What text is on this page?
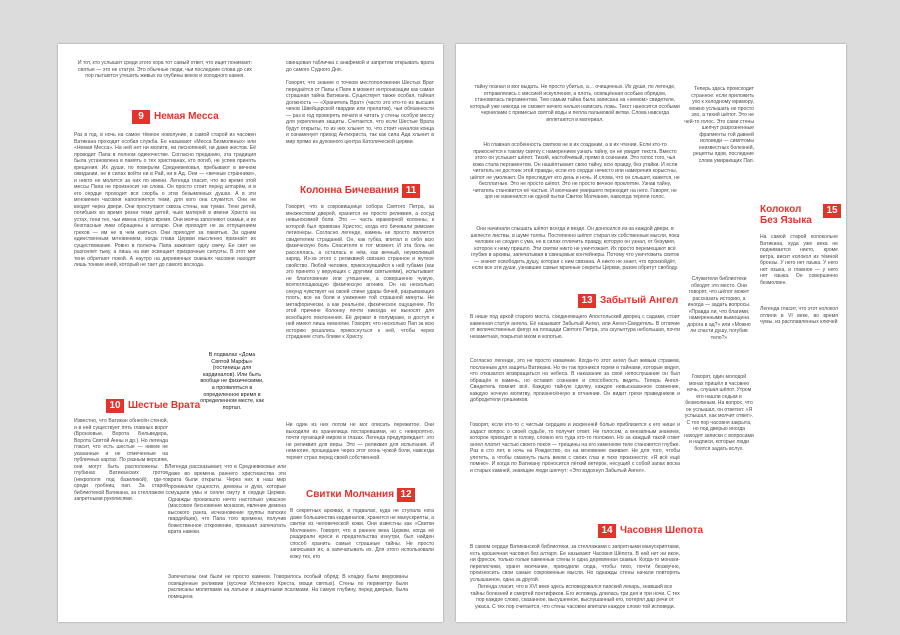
И тот, кто услышит среди этого хора тот самый ответ, что ищет понимает: святые — это не статуи. Это обычные люди, чьи последние слова до сих пор пытаются утешить живых из глубины веков и холодного камня.

9	Немая Месса

Раз в год, в ночь на самое тёмное новолуние, в самой старой из часовен Ватикана проходит особая служба. Ее называют «Месса Безмолвных» или «Немая Месса». На ней нет ни молитв, ни песнопений, ни даже жестов. Её проводит Папа в полном одиночестве. Согласно преданию, эта традиция была установлена в память о тех христианах, кто погиб, не успев принять крещения. Их души, по поверьям Средневековья, пребывают в вечном ожидании, не в силах войти ни в Рай, ни в Ад. Они — «вечные странники», и никто не молится за них по имени. Легенда гласит, что во время этой мессы Папа не произносит ни слова. Он просто стоит перед алтарём, и в его сердце проходит вся скорбь о этих безымянных душах. А в эти мгновения часовня наполняется теми, для кого она служится. Они не входят через двери. Они проступают сквозь стены, как туман. Тени детей, погибших во время резни теми детей, чьих матерей в имени Христа на устах, тени тех, чьи имена стёрло время. Они молча заполняют скамьи, и их безгласные лики обращены к алтарю. Они приходят не за отпущением грехов — им не в чем каяться. Они приходят за памятью. За одним единственным мгновением, когда глава Церкви мысленно признаёт их существование. Ровно в полночь Папа зажигает одну свечу. Ее свет не разгоняет тьму, а лишь на миг освещает призрачные силуэты. В этот миг тени обретают покой. А наутро на деревянных скамьях часовни находят лишь тонкие иней, который не тает до самого восхода.

10 Шестые Врата

Известно, что Ватикан обнесён стеной, и в ней существует пять главных ворот (Бронзовые, Ворота Бельведера, Ворота Святой Анны и др.). Но легенда гласит, что есть шестые — никем не указанные и не отмеченные на публичных картах. По разным версиям, они могут быть расположены: В глубинах Ватиканских гротов (некрополя под базиликой), где-то среди гробниц пап. За старой библиотекой Ватикана, за стеллажом с запретными рукописями.

В подвалах «Дома Святой Марфы» (гостиницы для кардиналов). Или быть вообще не физическими, а проявляться в определенное время в определенном месте, как портал.

Легенда рассказывает, что в Средневековье или даже во времена раннего христианства эти врата были открыты. Через них в наш мир проникали сущности, демоны и духи, которые смущали умы и сеяли смуту в сердце Церкви. Однажды произошло нечто настолько ужасное (массовое бесновение монахов, явление демона высокого ранга, исчезновение группы папских гвардейцев), что Папа того времени, получив божественное откровение, приказал запечатать врата навеки.

Запечатаны они были не просто камнем. Говорилось особый обряд: В кладку были вмурованы освящённые реликвии (кусочки Истинного Креста, мощи святых). Стены по периметру были расписаны молитвами на латыни и защитными псалмами. На самую глубину, перед дверью, была помещена

свинцовая табличка с анафемой и запретом открывать врата до самого Судного Дня.

Говорят, что знание о точном местоположении Шестых Врат передаётся от Папы к Папе в момент интронизации как самая страшная тайна Ватикана. Существует также особая, тайная должность — «Хранитель Врат» (часто это кто-то из высших чинов Швейцарской гвардии или прелатов), чьи обязанности — раз в год проверять печати и читать у стены особую мессу для укрепления защиты. Считается, что если Шестые Врата будут открыты, то из них хлынет то, что стоит началом конца и ознаменует приход Антихриста, так как сила Ада хлынет в мир прямо из духовного центра Католической церкви.

Колонна Бичевания 11

Говорят, что в сокровищнице собора Святого Петра, за множеством дверей, хранится не просто реликвия, а сосуд невыносимой боли. Это — часть мраморной колонны, к которой был привязан Христос, когда его бичевали римские легионеры. Согласно легенде, камень не просто является свидетелем страданий. Он, как губка, впитал в себя всю физическую боль Спасителя в тот момент. И эта боль не рассеялась, а осталась в нём, как вечный, неумолимый заряд. Из-за этого с реликвией связано странное и жуткое свойство. Любой человек, прикоснувшийся к ней губами (как это принято у верующих с другими святынями), испытывает не благоговение или утешение, а совершенно чужую, всепоглощающую физическую агонию. Он на несколько секунд чувствует на своей спине удары бичей, разрывающих плоть, все на боли и унижение той страшной минуты. Не метафорически, а как реальное, физическое ощущение. По этой причине Колонну почти никогда не выносят для всеобщего поклонения. Её держат в полумраке, и доступ к ней имеют лишь немногие. Говорят, что несколько Пап за всю историю решались прикоснуться к ней, чтобы через страдание стать ближе к Христу.

Ни один из них потом не мог описать пережитое. Они выходили из хранилища постаревшими, но с невероятно, почти пугающей миром в глазах. Легенда предупреждает: это не реликвия для веры. Это — реликвия для испытания. И немногие, прошедшие через этот огонь чужой боли, навсегда теряют страх перед своей собственной.

Свитки Молчания 12

В секретных архивах, в подвалах, куда не ступала нога даже большинства кардиналов, хранится не манускрипты, а свитки из человеческой кожи. Они известны как «Свитки Молчания». Говорят, что в раннее века Церкви, когда её раздирали ереси и предательства изнутри, был найден способ хранить самые страшные тайны. Не просто записывая их, а запечатывать их. Для этого использовали кожу тех, кто

тайну познал и мог выдать. Не просто убитых, а… очищенных. Их души, по легенде, отправлялись с миссией искупления, а плоть, освящённая особым обрядом, становилась пергаментом. Тем самым тайна была записана на «немом» свидетеле, который уже никогда не сможет нечего нельзя написать ложь. Текст наносится особыми чернилами с примесью святой воды и пепла пальмовой ветви. Слова навсегда вплетаются в материал.

Но главная особенность свитков не в их создании, а в их чтении. Если кто-то прикоснётся к такому свитку с намерением узнать тайну, он не увидит текста. Вместо этого он услышит шёпот. Тихий, настойчивый, прямо в сознании. Это голос того, чья кожа стала пергаментом. Он нашёптывает свою тайну, всю правду, без утайки. И если читатель не достоин этой правды, если его сердце нечисто или намерения корыстны, шёпот не умолкает. Он преследует его день и ночь. И слова, что он слышит, кажется, не бесплатные. Это не просто шёпот. Это не просто вечное проклятие. Узнав тайну, читатель становится её частью. И молчание умершего переходит на него. Говорят, не зря не изменился ни одной пытки Свиток Молчания, навсегда теряли голос.

Они начинали слышать шёпот всегда и везде. Он доносился из-за каждой двери, в шелесте листвы, в шуме толпы. Постепенно шёпот стирал их собственные мысли, пока человек не сходил с ума, не в силах отличить правду, которую он узнал, от безумия, которое к нему пришло. Эти свитки никто не уничтожает. Их просто перемещают всё глубже в архивы, запечатывая в свинцовые контейнеры. Потому что уничтожить свиток — значит освободить душу, которая с ним связана. А никто не знает, что произойдёт, если все эти души, узнавшие самые мрачные секреты Церкви, разом обретут свободу.

13 Забытый Ангел

В нише под аркой старого моста, соединяющего Апостольский дворец с садами, стоит каменная статуя ангела. Её называют Забытый Ангел, или Ангел-Свидетель. В отличие от величественных фигур на площади Святого Петра, эта скульптура небольшая, почти незаметная, покрытая мхом и копотью.

Согласно легенде, это не просто изваяние. Когда-то этот ангел был живым стражем, посланным для защиты Ватикана. Но он так проникся горем и тайнами, которые видел, что отказался возвращаться на небеса. В наказание за своё непослушание он был обращён в камень, но оставил сознание и способность видеть. Теперь Ангел-Свидетель помнит всё. Каждую тайную сделку, каждое невысказанное сомнение, каждую ночную молитву, произнесённую в отчаянии. Он видит грехи праведников и добродетели грешников.

Говорят, если кто-то с чистым сердцем и искренней болью приблизится к его нише и задаст вопрос о своей судьбе, то получит ответ. Не голосом, а внезапным знанием, которое приходит в голову, словно его туда кто-то положил. Но за каждый такой ответ ангел платит частью своего покоя — трещины на его каменном теле становятся глубже. Раз в сто лет, в ночь на Рождество, он на мгновение оживает. Не для того, чтобы улететь, а чтобы смахнуть пыль веков с своих глаз и тихо произнести: «Я всё ещё помню». И когда по Ватикану проносится лёгкий ветерок, несущий с собой запах воска и старых камней, знающие люди шепчут: «Это вздохнул Забытый Ангел».

14 Часовня Шепота

В самом сердце Ватиканской библиотеки, за стеллажами с запретными манускриптами, есть крошечная часовня без алтаря. Ее называют Часовня Шёпота. В ней нет ни икон, ни фресок, только голые каменные стены и одна деревянная скамья. Когда-то монахи-переписчики, храня молчание, приходили сюда, чтобы тихо, почти беззвучно, произносить свои самые сокровенные мысли. Но однажды стены начали повторять услышанное, одна за другой.

Легенда гласит, что в XVI веке здесь исповедовался папский лекарь, знавший все тайны болезней и смертей понтификов. Его исповедь длилась три дня и три ночи. С тех пор каждое слово, сказанное, высушенное, выслушанный его, потерял дар речи от ужаса. С тех пор считается, что стены часовни впитали каждое слово той исповеди.

Теперь здесь происходит странное: если приложить ухо к холодному мрамору, можно услышать не просто эхо, а тихий шёпот. Это не чей-то голос. Это сами стены шепчут разрозненные фрагменты той давней исповеди — симптомы неизвестных болезней, рецепты ядов, последние слова умирающих Пап.

Служители библиотеки обходят это место. Они говорят, что шёпот может рассказать историю, а иногда — задать вопросы. «Правда ли, что благими, намеренными вымощена дорога в ад?» или «Можно ли спасти душу, погубив тело?»

Говорят, один молодой монах пришёл в часовню ночь, слушая шёпот. Утром его нашли седым и безмолвным. На вопрос, что он услышал, он ответил: «Я услышал, как молчит ответ». С тех пор часовня закрыта, но под дверью иногда находят записки с вопросами и надписи, которые люди боятся задать вслух.

Колокол Без Языка
15

На самой старой колокольне Ватикана, куда уже века не поднимается никто, кроме ветра, висит колокол из тёмной бронзы. У него нет языка. У него нет языка, и главное — у него нет языка. Он совершенно безмолвен.

Легенда гласит, что этот колокол отлили в VI веке, во время чумы, из расплавленных ключей
